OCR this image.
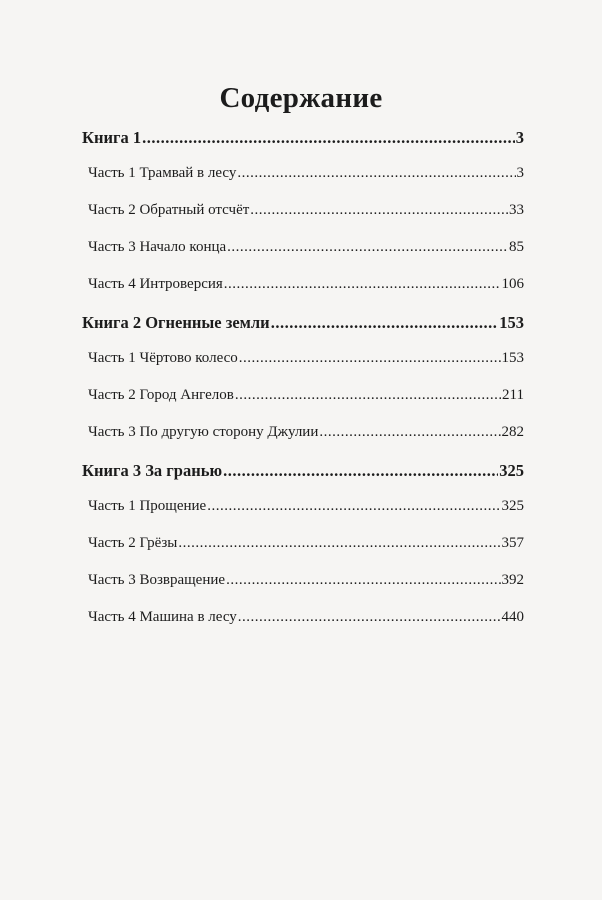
Содержание
Книга 1 .....	3
Часть 1 Трамвай в лесу .....	3
Часть 2 Обратный отсчёт .....	33
Часть 3 Начало конца .....	85
Часть 4 Интроверсия .....	106
Книга 2 Огненные земли .....	153
Часть 1 Чёртово колесо .....	153
Часть 2 Город Ангелов .....	211
Часть 3 По другую сторону Джулии .....	282
Книга 3 За гранью .....	325
Часть 1 Прощение .....	325
Часть 2 Грёзы .....	357
Часть 3 Возвращение .....	392
Часть 4 Машина в лесу .....	440
